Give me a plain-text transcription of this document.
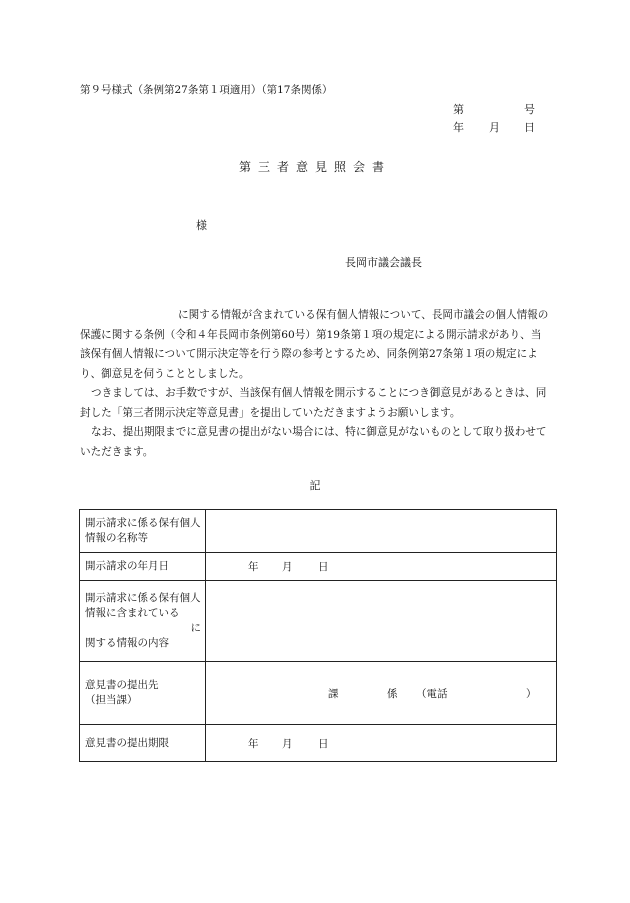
第９号様式（条例第27条第１項適用）（第17条関係）
第	号
年 月 日
第三者意見照会書
様
長岡市議会議長

に関する情報が含まれている保有個人情報について、長岡市議会の個人情報の保護に関する条例（令和４年長岡市条例第60号）第19条第１項の規定による開示請求があり、当該保有個人情報について開示決定等を行う際の参考とするため、同条例第27条第１項の規定により、御意見を伺うこととしました。

つきましては、お手数ですが、当該保有個人情報を開示することにつき御意見があるときは、同封した「第三者開示決定等意見書」を提出していただきますようお願いします。

なお、提出期限までに意見書の提出がない場合には、特に御意見がないものとして取り扱わせていただきます。

記
開示請求に係る保有個人情報の名称等	
開示請求の年月日	年 月 日

開示請求に係る保有個人情報に含まれている
に
関する情報の内容	
意見書の提出先
（担当課）	課 係 （電話 ）

意見書の提出期限	年 月 日
